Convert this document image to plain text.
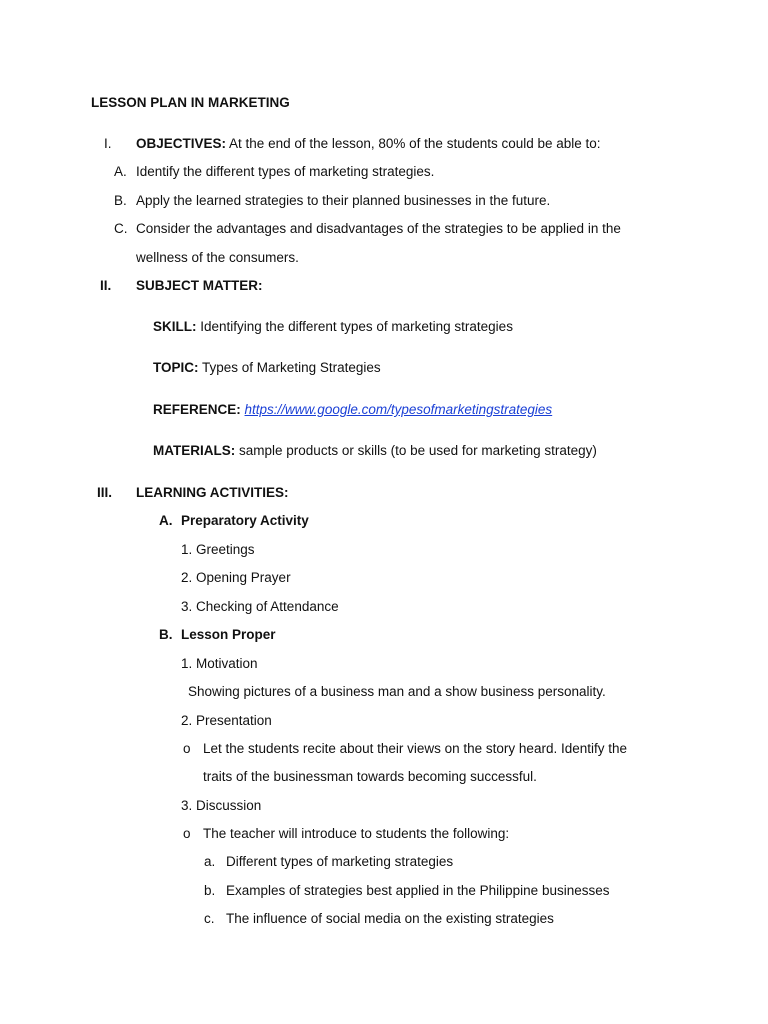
LESSON PLAN IN MARKETING
I. OBJECTIVES: At the end of the lesson, 80% of the students could be able to:
A. Identify the different types of marketing strategies.
B. Apply the learned strategies to their planned businesses in the future.
C. Consider the advantages and disadvantages of the strategies to be applied in the
wellness of the consumers.
II. SUBJECT MATTER:
SKILL: Identifying the different types of marketing strategies
TOPIC: Types of Marketing Strategies
REFERENCE: https://www.google.com/typesofmarketingstrategies
MATERIALS: sample products or skills (to be used for marketing strategy)
III. LEARNING ACTIVITIES:
A. Preparatory Activity
1. Greetings
2. Opening Prayer
3. Checking of Attendance
B. Lesson Proper
1. Motivation
Showing pictures of a business man and a show business personality.
2. Presentation
o Let the students recite about their views on the story heard. Identify the
traits of the businessman towards becoming successful.
3. Discussion
o The teacher will introduce to students the following:
a. Different types of marketing strategies
b. Examples of strategies best applied in the Philippine businesses
c. The influence of social media on the existing strategies
